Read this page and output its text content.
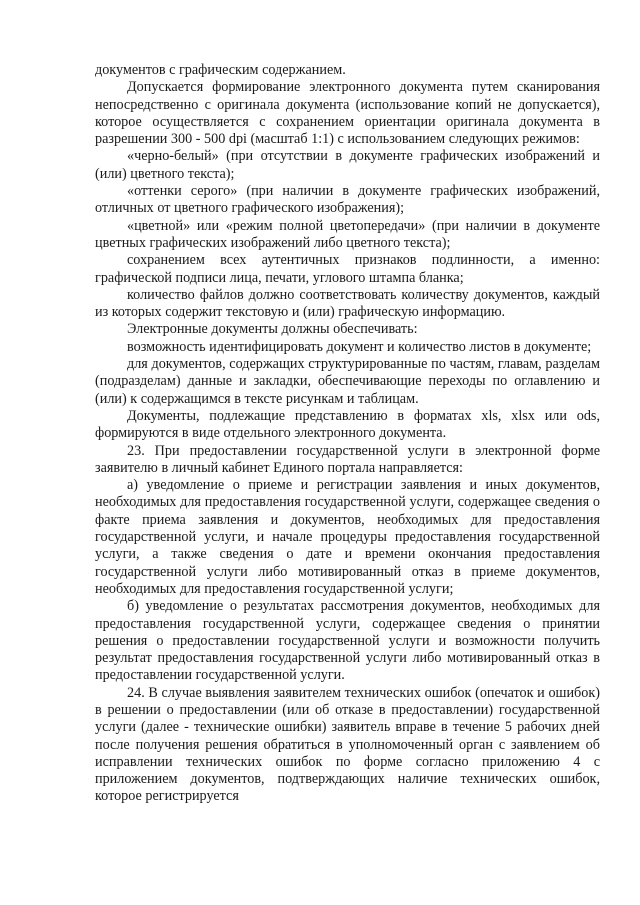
документов с графическим содержанием.

Допускается формирование электронного документа путем сканирования непосредственно с оригинала документа (использование копий не допускается), которое осуществляется с сохранением ориентации оригинала документа в разрешении 300 - 500 dpi (масштаб 1:1) с использованием следующих режимов:

«черно-белый» (при отсутствии в документе графических изображений и (или) цветного текста);

«оттенки серого» (при наличии в документе графических изображений, отличных от цветного графического изображения);

«цветной» или «режим полной цветопередачи» (при наличии в документе цветных графических изображений либо цветного текста);

сохранением всех аутентичных признаков подлинности, а именно: графической подписи лица, печати, углового штампа бланка;

количество файлов должно соответствовать количеству документов, каждый из которых содержит текстовую и (или) графическую информацию.

Электронные документы должны обеспечивать:

возможность идентифицировать документ и количество листов в документе;

для документов, содержащих структурированные по частям, главам, разделам (подразделам) данные и закладки, обеспечивающие переходы по оглавлению и (или) к содержащимся в тексте рисункам и таблицам.

Документы, подлежащие представлению в форматах xls, xlsx или ods, формируются в виде отдельного электронного документа.

23. При предоставлении государственной услуги в электронной форме заявителю в личный кабинет Единого портала направляется:

а) уведомление о приеме и регистрации заявления и иных документов, необходимых для предоставления государственной услуги, содержащее сведения о факте приема заявления и документов, необходимых для предоставления государственной услуги, и начале процедуры предоставления государственной услуги, а также сведения о дате и времени окончания предоставления государственной услуги либо мотивированный отказ в приеме документов, необходимых для предоставления государственной услуги;

б) уведомление о результатах рассмотрения документов, необходимых для предоставления государственной услуги, содержащее сведения о принятии решения о предоставлении государственной услуги и возможности получить результат предоставления государственной услуги либо мотивированный отказ в предоставлении государственной услуги.

24. В случае выявления заявителем технических ошибок (опечаток и ошибок) в решении о предоставлении (или об отказе в предоставлении) государственной услуги (далее - технические ошибки) заявитель вправе в течение 5 рабочих дней после получения решения обратиться в уполномоченный орган с заявлением об исправлении технических ошибок по форме согласно приложению 4 с приложением документов, подтверждающих наличие технических ошибок, которое регистрируется
